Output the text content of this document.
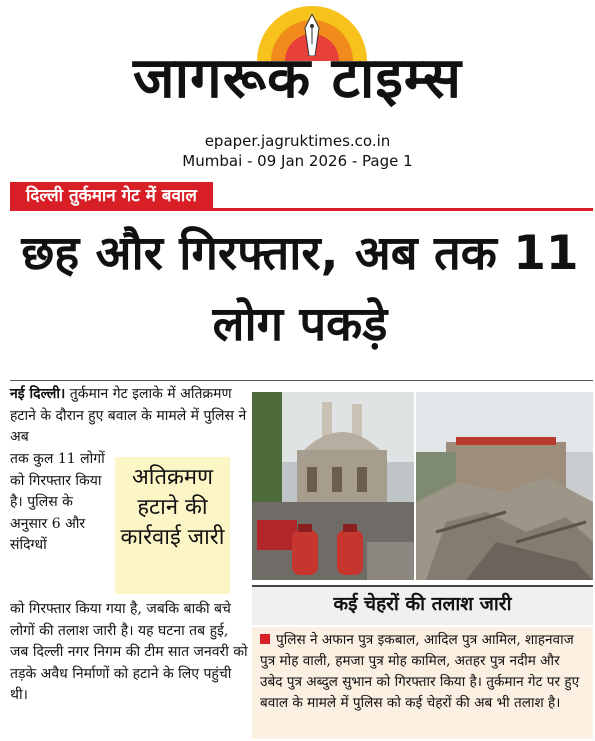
जागरूक टाइम्स
epaper.jagruktimes.co.in
Mumbai - 09 Jan 2026 - Page 1
दिल्ली तुर्कमान गेट में बवाल
छह और गिरफ्तार, अब तक 11 लोग पकड़े
नई दिल्ली। तुर्कमान गेट इलाके में अतिक्रमण हटाने के दौरान हुए बवाल के मामले में पुलिस ने अब
तक कुल 11 लोगों को गिरफ्तार किया है। पुलिस के अनुसार 6 और संदिग्धों
को गिरफ्तार किया गया है, जबकि बाकी बचे लोगों की तलाश जारी है। यह घटना तब हुई, जब दिल्ली नगर निगम की टीम सात जनवरी को तड़के अवैध निर्माणों को हटाने के लिए पहुंची थी।
अतिक्रमण हटाने की कार्रवाई जारी
कई चेहरों की तलाश जारी
पुलिस ने अफान पुत्र इकबाल, आदिल पुत्र आमिल, शाहनवाज पुत्र मोह वाली, हमजा पुत्र मोह कामिल, अतहर पुत्र नदीम और उबेद पुत्र अब्दुल सुभान को गिरफ्तार किया है। तुर्कमान गेट पर हुए बवाल के मामले में पुलिस को कई चेहरों की अब भी तलाश है।
